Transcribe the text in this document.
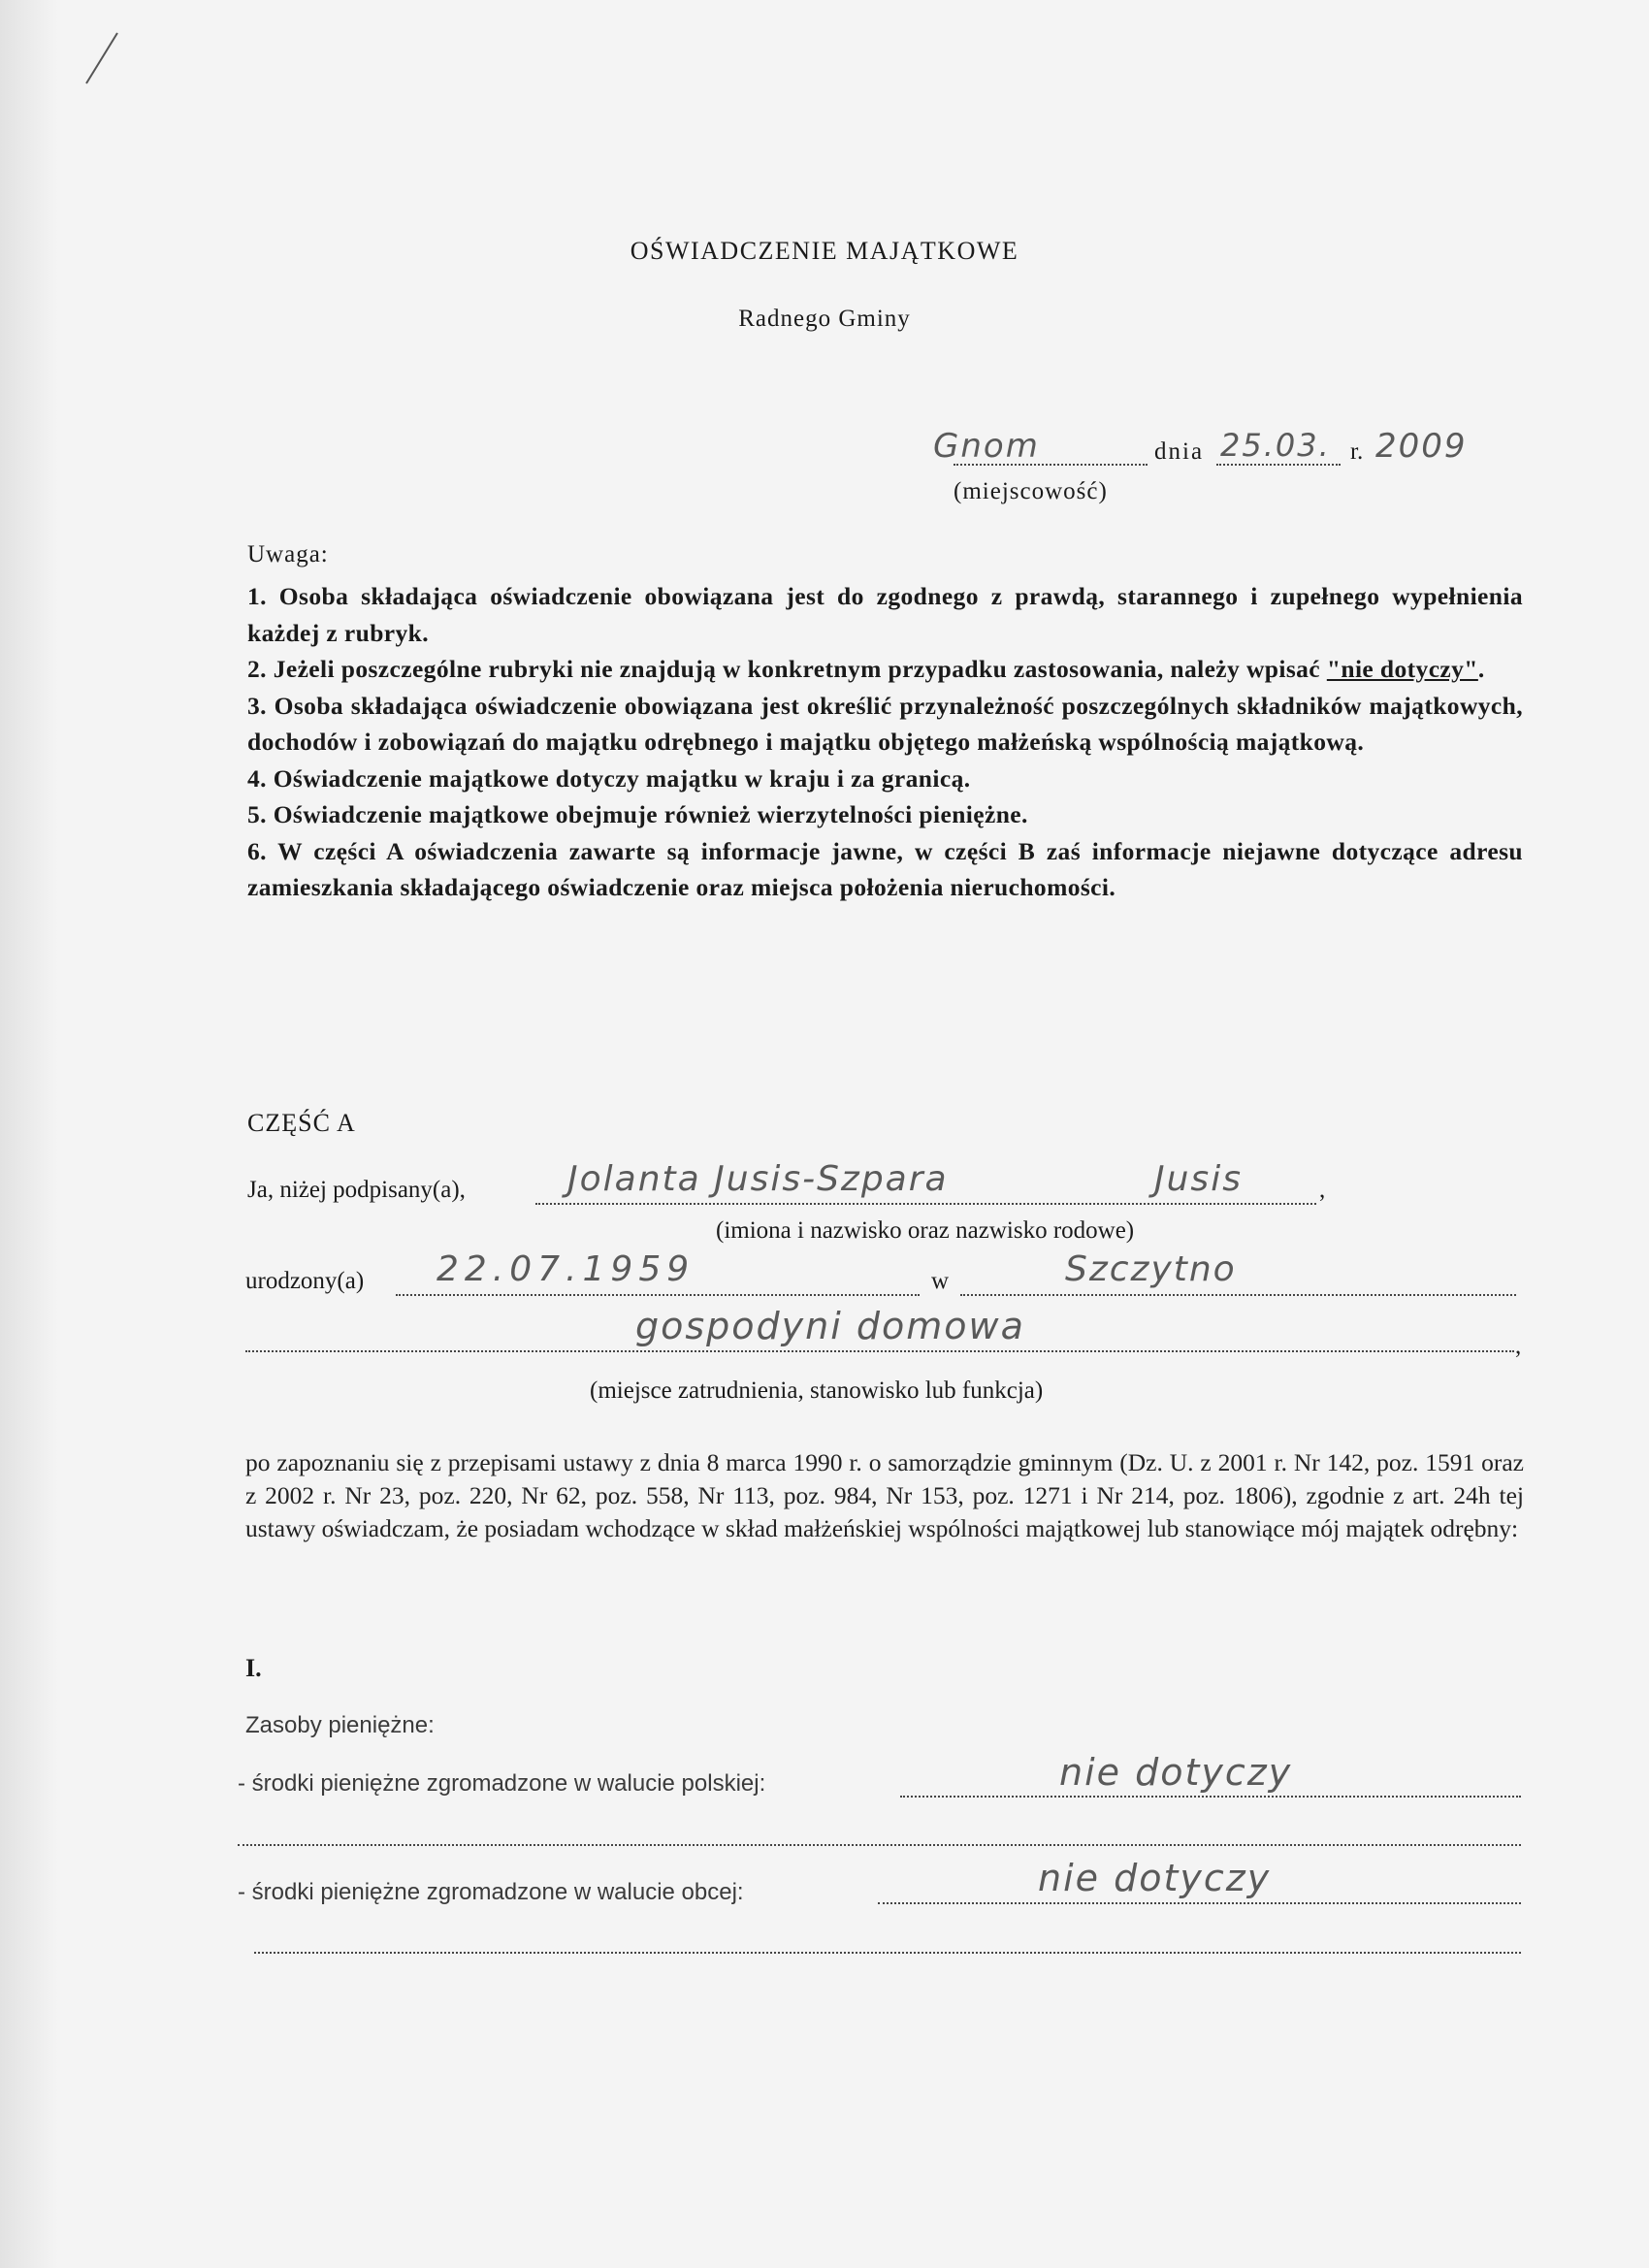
OŚWIADCZENIE MAJĄTKOWE
Radnego Gminy
Gnom	dnia 25.03. r. 2009
(miejscowość)
Uwaga:

1. Osoba składająca oświadczenie obowiązana jest do zgodnego z prawdą, starannego i zupełnego wypełnienia każdej z rubryk.

2. Jeżeli poszczególne rubryki nie znajdują w konkretnym przypadku zastosowania, należy wpisać "nie dotyczy".

3. Osoba składająca oświadczenie obowiązana jest określić przynależność poszczególnych składników majątkowych, dochodów i zobowiązań do majątku odrębnego i majątku objętego małżeńską wspólnością majątkową.

4. Oświadczenie majątkowe dotyczy majątku w kraju i za granicą.

5. Oświadczenie majątkowe obejmuje również wierzytelności pieniężne.

6. W części A oświadczenia zawarte są informacje jawne, w części B zaś informacje niejawne dotyczące adresu zamieszkania składającego oświadczenie oraz miejsca położenia nieruchomości.

CZĘŚĆ A
Ja, niżej podpisany(a),	Jolanta Jusis-Szpara	Jusis	,
(imiona i nazwisko oraz nazwisko rodowe)
urodzony(a) 22.07.1959	w	Szczytno
gospodyni domowa	,
(miejsce zatrudnienia, stanowisko lub funkcja)
po zapoznaniu się z przepisami ustawy z dnia 8 marca 1990 r. o samorządzie gminnym (Dz. U. z 2001 r. Nr 142, poz. 1591 oraz z 2002 r. Nr 23, poz. 220, Nr 62, poz. 558, Nr 113, poz. 984, Nr 153, poz. 1271 i Nr 214, poz. 1806), zgodnie z art. 24h tej ustawy oświadczam, że posiadam wchodzące w skład małżeńskiej wspólności majątkowej lub stanowiące mój majątek odrębny:
I.
Zasoby pieniężne:
- środki pieniężne zgromadzone w walucie polskiej:	nie dotyczy
- środki pieniężne zgromadzone w walucie obcej:	nie dotyczy
